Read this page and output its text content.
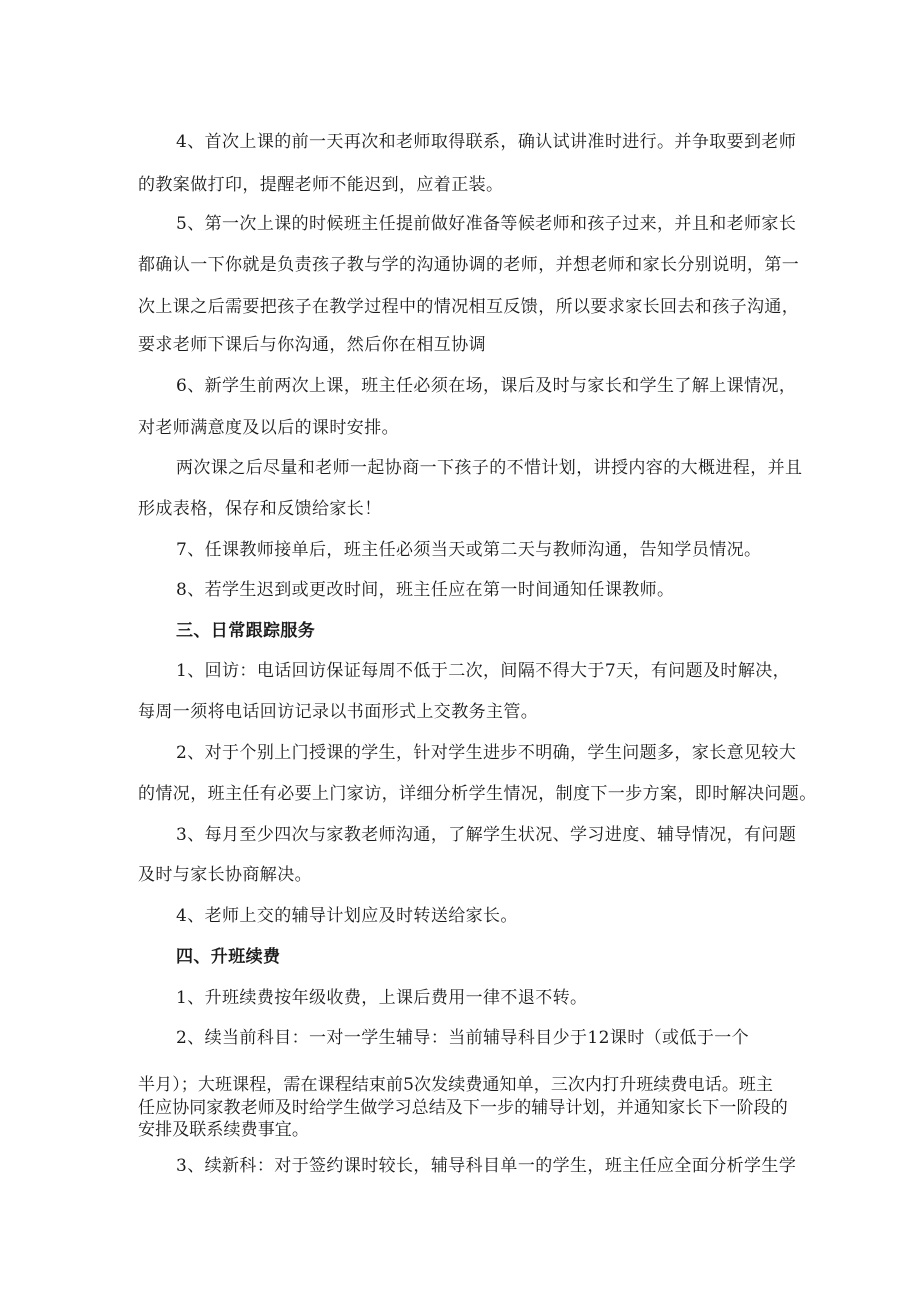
4、首次上课的前一天再次和老师取得联系，确认试讲准时进行。并争取要到老师
的教案做打印，提醒老师不能迟到，应着正装。
5、第一次上课的时候班主任提前做好准备等候老师和孩子过来，并且和老师家长
都确认一下你就是负责孩子教与学的沟通协调的老师，并想老师和家长分别说明，第一
次上课之后需要把孩子在教学过程中的情况相互反馈，所以要求家长回去和孩子沟通，
要求老师下课后与你沟通，然后你在相互协调
6、新学生前两次上课，班主任必须在场，课后及时与家长和学生了解上课情况，
对老师满意度及以后的课时安排。
两次课之后尽量和老师一起协商一下孩子的不惜计划，讲授内容的大概进程，并且
形成表格，保存和反馈给家长！
7、任课教师接单后，班主任必须当天或第二天与教师沟通，告知学员情况。
8、若学生迟到或更改时间，班主任应在第一时间通知任课教师。
三、日常跟踪服务
1、回访：电话回访保证每周不低于二次，间隔不得大于7天，有问题及时解决，
每周一须将电话回访记录以书面形式上交教务主管。
2、对于个别上门授课的学生，针对学生进步不明确，学生问题多，家长意见较大
的情况，班主任有必要上门家访，详细分析学生情况，制度下一步方案，即时解决问题。
3、每月至少四次与家教老师沟通，了解学生状况、学习进度、辅导情况，有问题
及时与家长协商解决。
4、老师上交的辅导计划应及时转送给家长。
四、升班续费
1、升班续费按年级收费，上课后费用一律不退不转。
2、续当前科目：一对一学生辅导：当前辅导科目少于12课时（或低于一个
半月）；大班课程，需在课程结束前5次发续费通知单，三次内打升班续费电话。班主
任应协同家教老师及时给学生做学习总结及下一步的辅导计划，并通知家长下一阶段的
安排及联系续费事宜。
3、续新科：对于签约课时较长，辅导科目单一的学生，班主任应全面分析学生学
